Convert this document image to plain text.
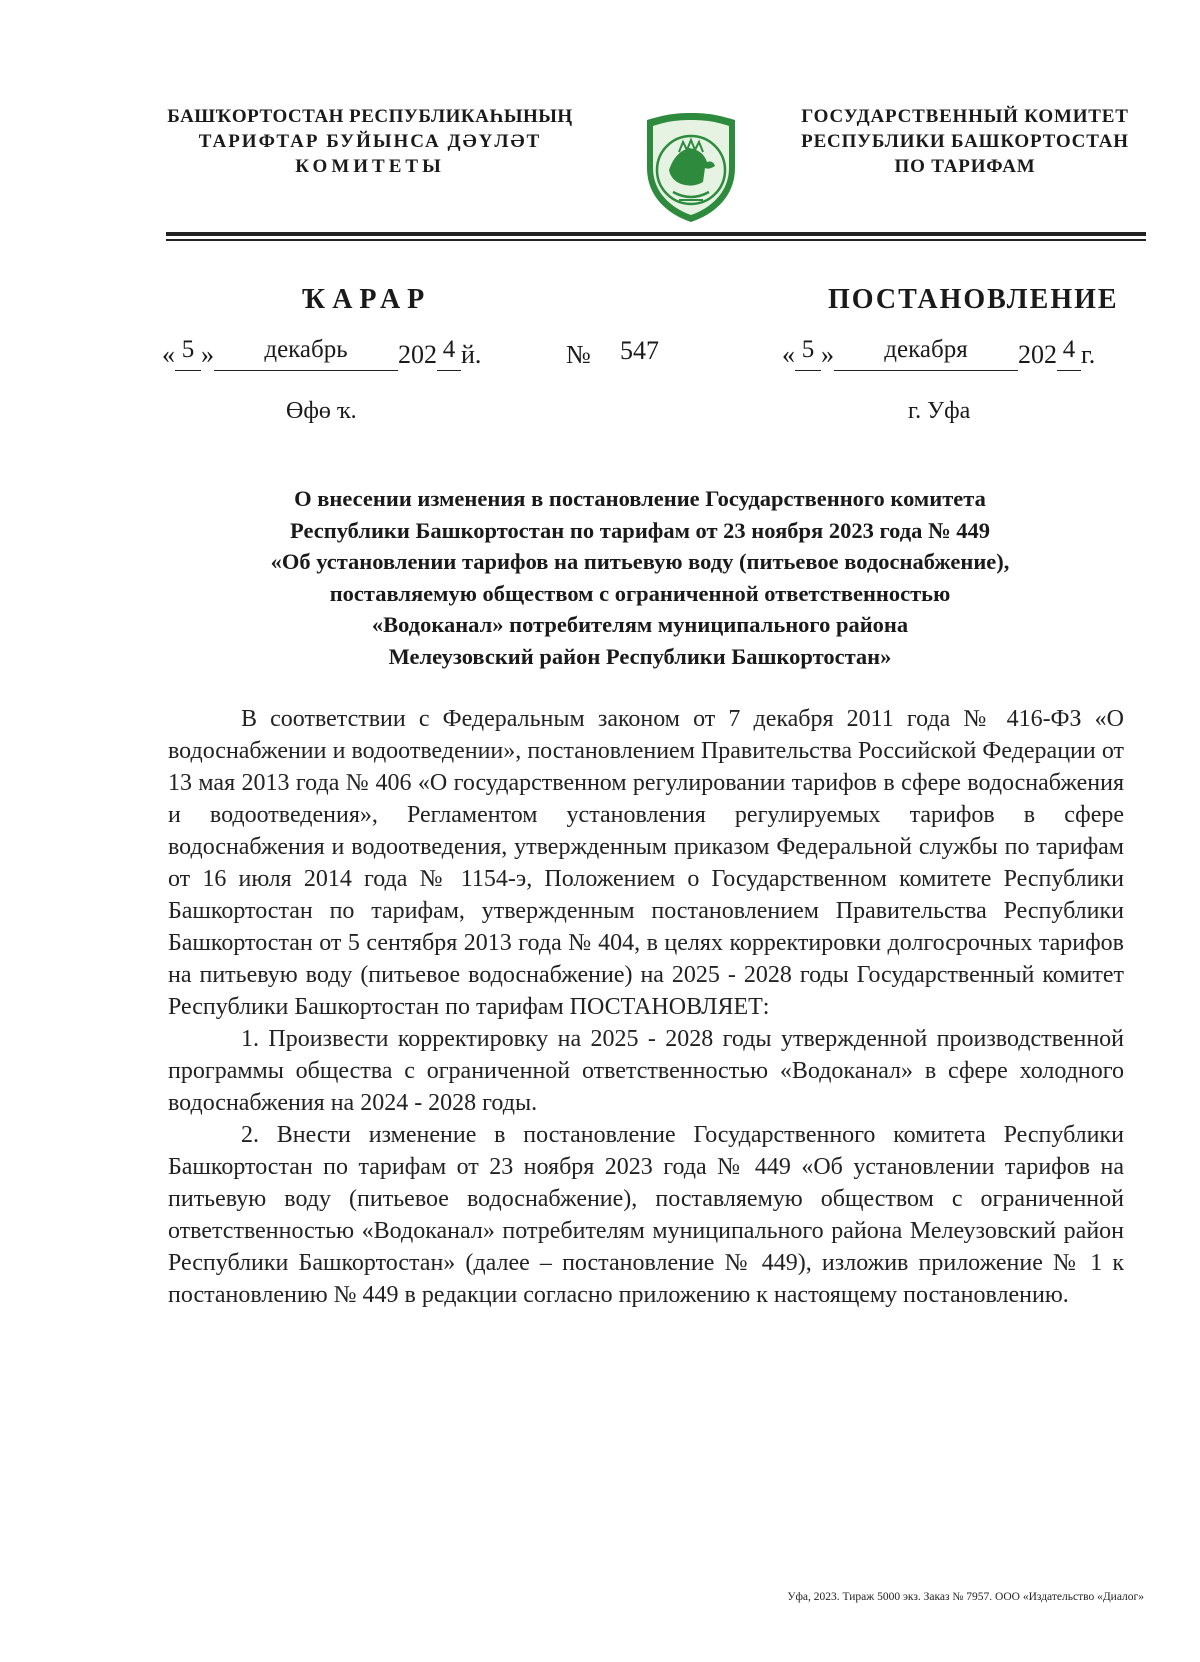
БАШҠОРТОСТАН РЕСПУБЛИКАҺЫНЫҢ
ТАРИФТАР БУЙЫНСА ДӘҮЛӘТ
КОМИТЕТЫ
ГОСУДАРСТВЕННЫЙ КОМИТЕТ
РЕСПУБЛИКИ БАШКОРТОСТАН
ПО ТАРИФАМ
ҠАРАР	ПОСТАНОВЛЕНИЕ
« 5 » декабрь 202 4 й.	№ 547	« 5 » декабря 202 4 г.
Өфө ҡ.	г. Уфа
О внесении изменения в постановление Государственного комитета
Республики Башкортостан по тарифам от 23 ноября 2023 года № 449
«Об установлении тарифов на питьевую воду (питьевое водоснабжение),
поставляемую обществом с ограниченной ответственностью
«Водоканал» потребителям муниципального района
Мелеузовский район Республики Башкортостан»

В соответствии с Федеральным законом от 7 декабря 2011 года № 416-ФЗ «О водоснабжении и водоотведении», постановлением Правительства Российской Федерации от 13 мая 2013 года № 406 «О государственном регулировании тарифов в сфере водоснабжения и водоотведения», Регламентом установления регулируемых тарифов в сфере водоснабжения и водоотведения, утвержденным приказом Федеральной службы по тарифам от 16 июля 2014 года № 1154-э, Положением о Государственном комитете Республики Башкортостан по тарифам, утвержденным постановлением Правительства Республики Башкортостан от 5 сентября 2013 года № 404, в целях корректировки долгосрочных тарифов на питьевую воду (питьевое водоснабжение) на 2025 - 2028 годы Государственный комитет Республики Башкортостан по тарифам ПОСТАНОВЛЯЕТ:

1. Произвести корректировку на 2025 - 2028 годы утвержденной производственной программы общества с ограниченной ответственностью «Водоканал» в сфере холодного водоснабжения на 2024 - 2028 годы.

2. Внести изменение в постановление Государственного комитета Республики Башкортостан по тарифам от 23 ноября 2023 года № 449 «Об установлении тарифов на питьевую воду (питьевое водоснабжение), поставляемую обществом с ограниченной ответственностью «Водоканал» потребителям муниципального района Мелеузовский район Республики Башкортостан» (далее – постановление № 449), изложив приложение № 1 к постановлению № 449 в редакции согласно приложению к настоящему постановлению.

Уфа, 2023. Тираж 5000 экз. Заказ № 7957. ООО «Издательство «Диалог»
